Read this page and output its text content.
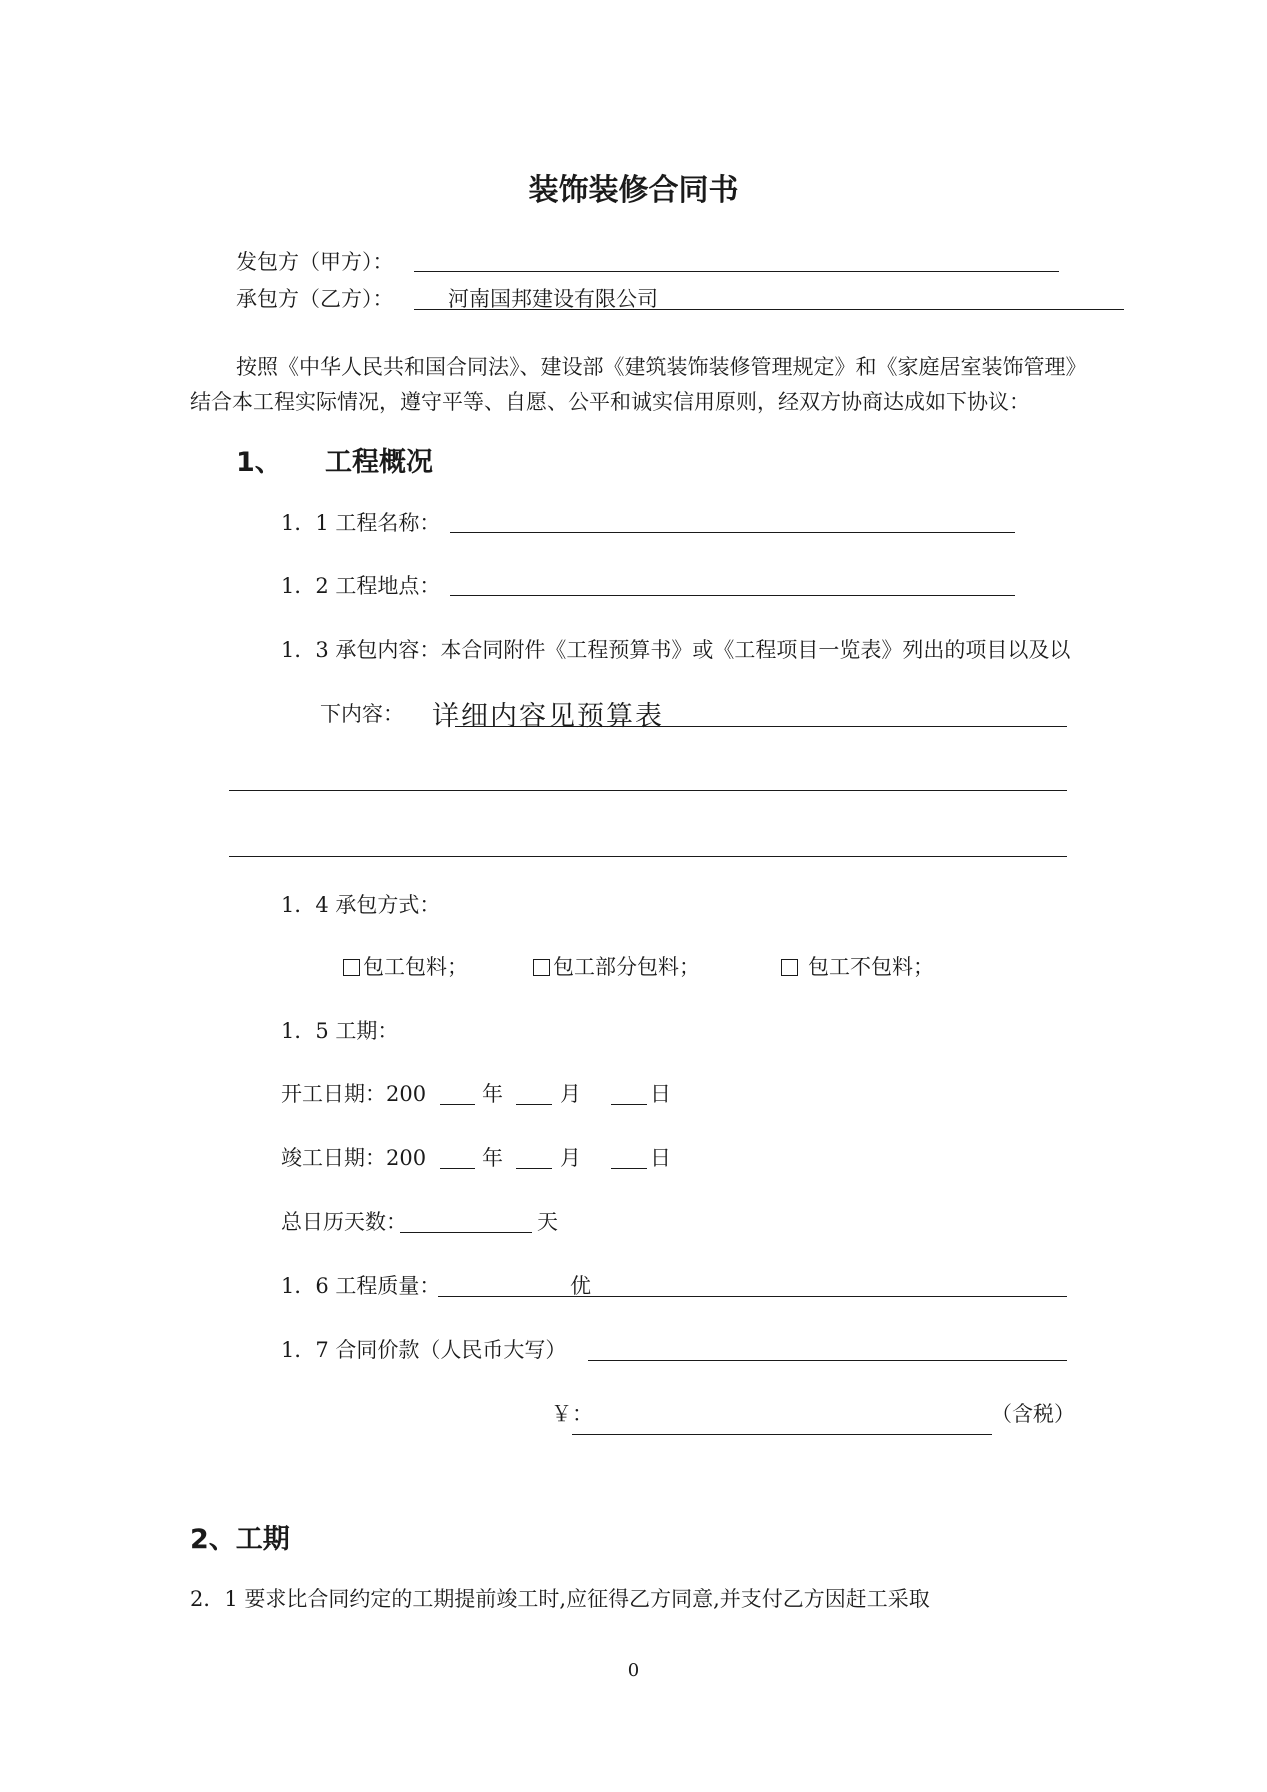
装饰装修合同书
发包方（甲方）：
承包方（乙方）：	河南国邦建设有限公司
按照《中华人民共和国合同法》、建设部《建筑装饰装修管理规定》和《家庭居室装饰管理》
结合本工程实际情况，遵守平等、自愿、公平和诚实信用原则，经双方协商达成如下协议：
1、 工程概况
1．1 工程名称：
1．2 工程地点：
1．3 承包内容：本合同附件《工程预算书》或《工程项目一览表》列出的项目以及以
下内容： 详细内容见预算表
1．4 承包方式：
包工包料；	包工部分包料；	包工不包料；
1．5 工期：
开工日期：200	年	月	日
竣工日期：200	年	月	日
总日历天数：	天
1．6 工程质量：	优
1．7 合同价款（人民币大写）
￥：	（含税）
2、工期
2．1 要求比合同约定的工期提前竣工时,应征得乙方同意,并支付乙方因赶工采取
0
